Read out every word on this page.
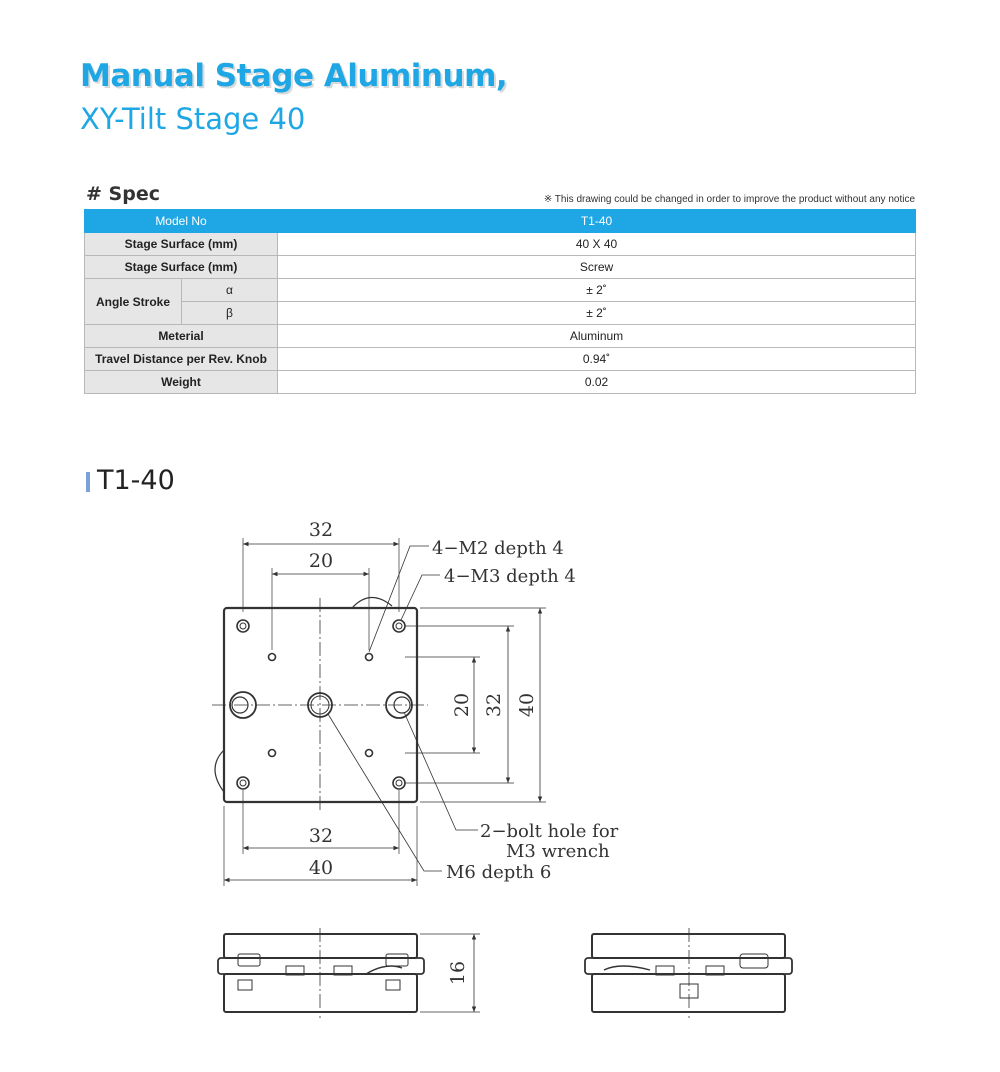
Manual Stage Aluminum,
XY-Tilt Stage 40
# Spec	※ This drawing could be changed in order to improve the product without any notice
Model No		T1-40
Stage Surface (mm)		40 X 40
Stage Surface (mm)		Screw
Angle Stroke	α	± 2˚
	β	± 2˚
Meterial		Aluminum
Travel Distance per Rev. Knob		0.94˚
Weight		0.02
T1-40
32
20
20 32 40
32
40
4−M2 depth 4
4−M3 depth 4
2−bolt hole for
M3 wrench
M6 depth 6
16
